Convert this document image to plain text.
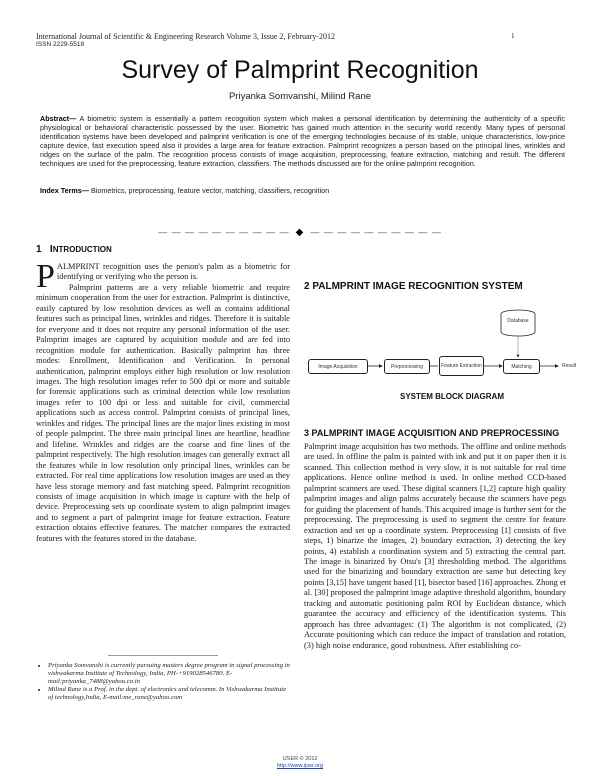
International Journal of Scientific & Engineering Research Volume 3, Issue 2, February-2012
ISSN 2229-5518
1
Survey of Palmprint Recognition
Priyanka Somvanshi, Milind Rane
Abstract— A biometric system is essentially a pattern recognition system which makes a personal identification by determining the authenticity of a specific physiological or behavioral characteristic possessed by the user. Biometric has gained much attention in the security world recently. Many types of personal identification systems have been developed and palmprint verification is one of the emerging technologies because of its stable, unique characteristics, low-price capture device, fast execution speed also it provides a large area for feature extraction. Palmprint recognizes a person based on the principal lines, wrinkles and ridges on the surface of the palm. The recognition process consists of image acquisition, preprocessing, feature extraction, matching and result. The different techniques are used for the preprocessing, feature extraction, classifiers. The methods discussed are for the online palmprint recognition.
Index Terms— Biometrics, preprocessing, feature vector, matching, classifiers, recognition
— — — — — — — — — — ◆ — — — — — — — — — —
1 INTRODUCTION
PALMPRINT recognition uses the person's palm as a biometric for identifying or verifying who the person is.
Palmprint patterns are a very reliable biometric and require minimum cooperation from the user for extraction. Palmprint is distinctive, easily captured by low resolution devices as well as contains additional features such as principal lines, wrinkles and ridges. Therefore it is suitable for everyone and it does not require any personal information of the user. Palmprint images are captured by acquisition module and are fed into recognition module for authentication. Basically palmprint has three modes: Enrollment, Identification and Verification. In personal authentication, palmprint employs either high resolution or low resolution images. The high resolution images refer to 500 dpi or more and suitable for forensic applications such as criminal detection while low resolution images refer to 100 dpi or less and suitable for civil, commercial applications such as access control. Palmprint consists of principal lines, wrinkles and ridges. The principal lines are the major lines existing in most of people palmprint. The three main principal lines are heartline, headline and lifeline. Wrinkles and ridges are the coarse and fine lines of the palmprint respectively. The high resolution images can generally extract all the features while in low resolution only principal lines, wrinkles can be extracted. For real time applications low resolution images are used as they have less storage memory and fast matching speed. Palmprint recognition consists of image acquisition in which image is capture with the help of device. Preprocessing sets up coordinate system to align palmprint images and to segment a part of palmprint image for feature extraction. Feature extraction obtains effective features. The matcher compares the extracted features with the features stored in the database.
• Priyanka Somvanshi is currently pursuing masters degree program in signal processing in vishwakarma Institute of Technology, India, PH-+919028546780. E-mail:priyanka_7488@yahoo.co.in
• Milind Rane is a Prof. in the dept. of electronics and telecomm. In Vishwakarma Institute of technology,India, E-mail:me_rane@yahoo.com
2 PALMPRINT IMAGE RECOGNITION SYSTEM
Image Acquisition	Preprocessing	Feature Extraction	Matching
Database
Result
SYSTEM BLOCK DIAGRAM
3 PALMPRINT IMAGE ACQUISITION AND PREPROCESSING
Palmprint image acquisition has two methods. The offline and online methods are used. In offline the palm is painted with ink and put it on paper then it is scanned. This collection method is very slow, it is not suitable for real time applications. Hence online method is used. In online method CCD-based palmprint scanners are used. These digital scanners [1,2] capture high quality palmprint images and align palms accurately because the scanners have pegs for guiding the placement of hands. This acquired image is further sent for the preprocessing. The preprocessing is used to segment the centre for feature extraction and set up a coordinate system. Preprocessing [1] consists of five steps, 1) binarize the images, 2) boundary extraction, 3) detecting the key points, 4) establish a coordination system and 5) extracting the central part. The image is binarized by Otsu's [3] thresholding method. The algorithms used for the binarizing and boundary extraction are same but detecting key points [3,15] have tangent based [1], bisector based [16] approaches. Zhong et al. [30] proposed the palmprint image adaptive threshold algorithm, boundary tracking and automatic positioning palm ROI by Euclidean distance, which guarantee the accuracy and efficiency of the identification systems. This approach has three advantages: (1) The algorithm is not complicated, (2) Accurate positioning which can reduce the impact of translation and rotation, (3) high noise endurance, good robustness. After establishing co-
IJSER © 2012
http://www.ijser.org
